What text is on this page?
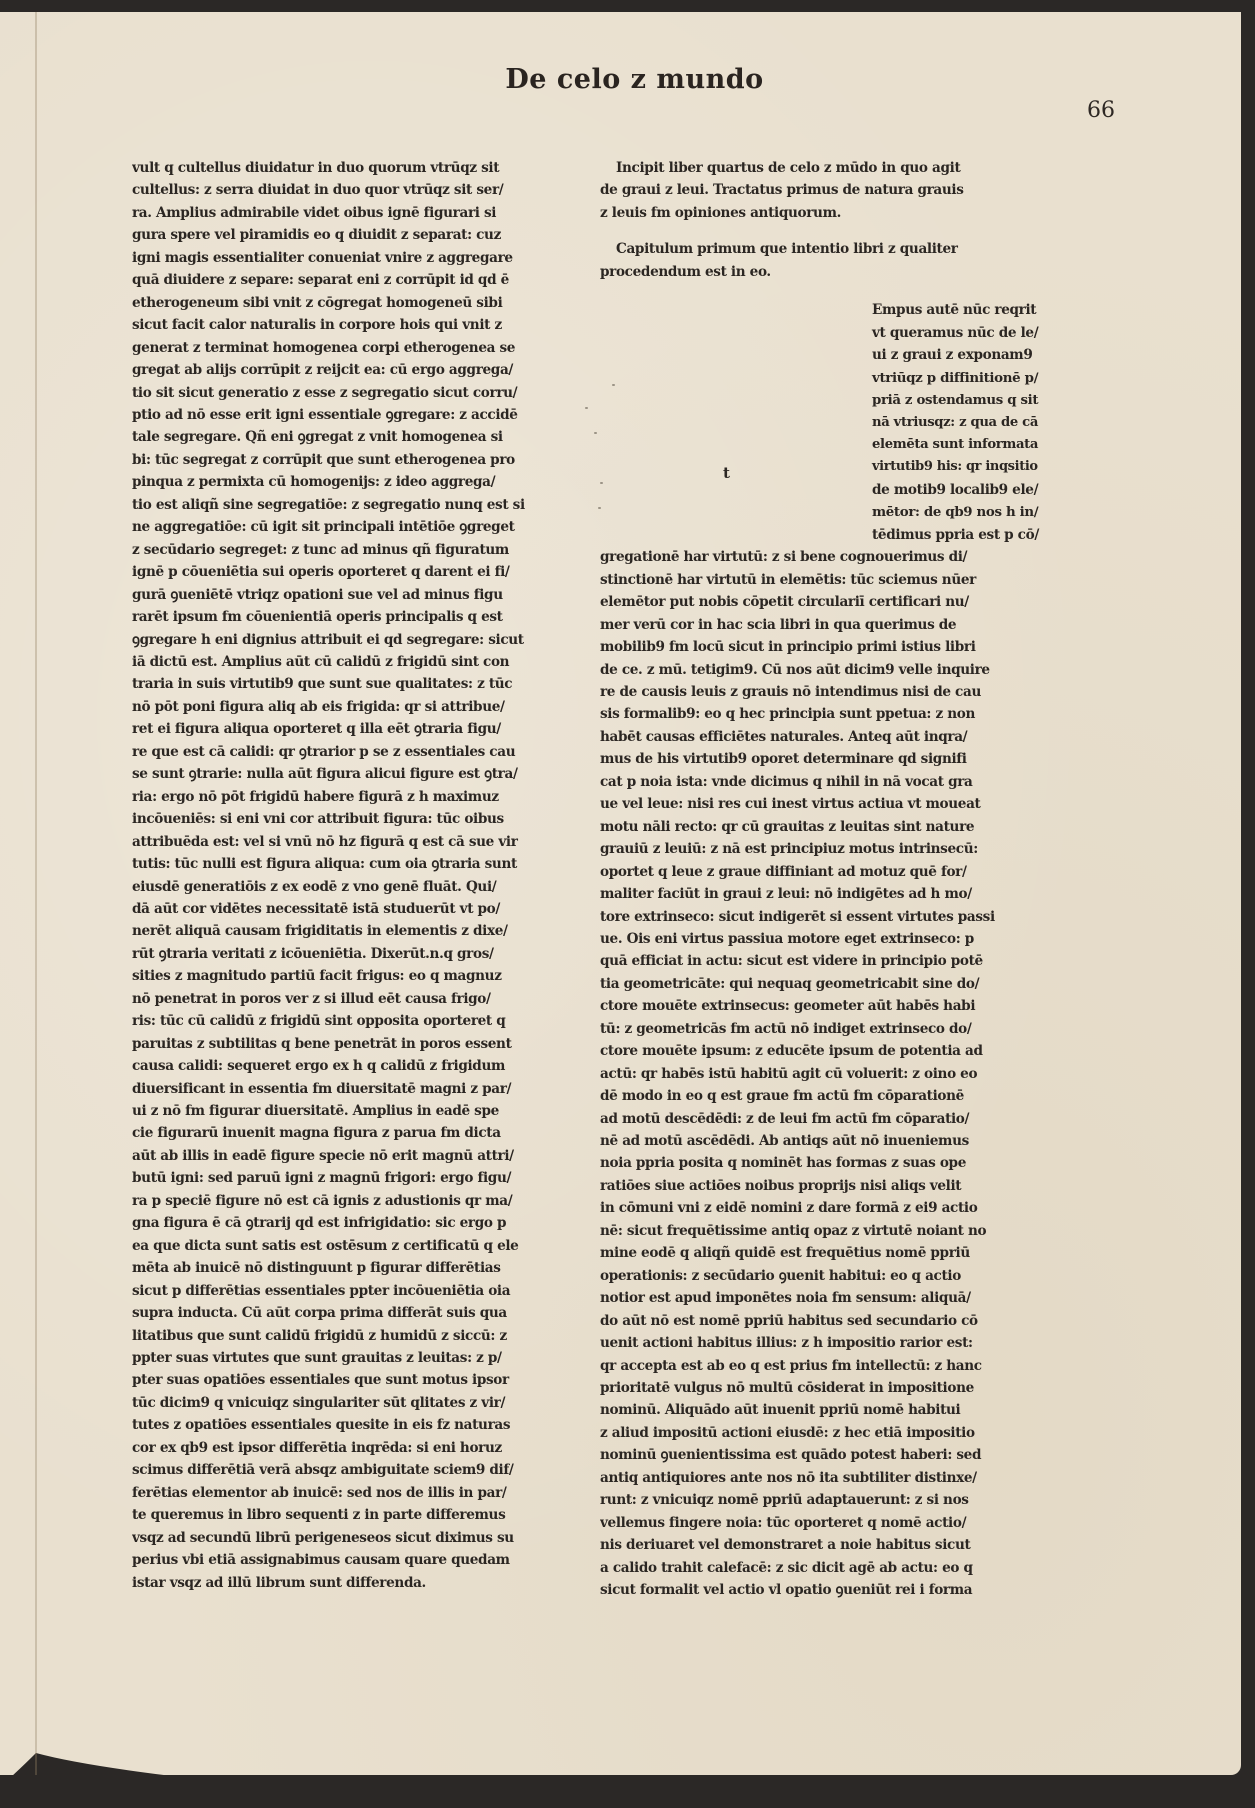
De celo z mundo
66
vult q cultellus diuidatur in duo quorum vtrūqz sit
cultellus: z serra diuidat in duo quor vtrūqz sit ser/
ra. Amplius admirabile videt oibus ignē figurari si
gura spere vel piramidis eo q diuidit z separat: cuz
igni magis essentialiter conueniat vnire z aggregare
quā diuidere z separe: separat eni z corrūpit id qd ē
etherogeneum sibi vnit z cōgregat homogeneū sibi
sicut facit calor naturalis in corpore hois qui vnit z
generat z terminat homogenea corpi etherogenea se
gregat ab alijs corrūpit z reijcit ea: cū ergo aggrega/
tio sit sicut generatio z esse z segregatio sicut corru/
ptio ad nō esse erit igni essentiale ꝯgregare: z accidē
tale segregare. Qñ eni ꝯgregat z vnit homogenea si
bi: tūc segregat z corrūpit que sunt etherogenea pro
pinqua z permixta cū homogenijs: z ideo aggrega/
tio est aliqñ sine segregatiōe: z segregatio nunq est si
ne aggregatiōe: cū igit sit principali intētiōe ꝯgreget
z secūdario segreget: z tunc ad minus qñ figuratum
ignē p cōueniētia sui operis oporteret q darent ei fi/
gurā ꝯueniētē vtriqz opationi sue vel ad minus figu
rarēt ipsum fm cōuenientiā operis principalis q est
ꝯgregare h eni dignius attribuit ei qd segregare: sicut
iā dictū est. Amplius aūt cū calidū z frigidū sint con
traria in suis virtutib9 que sunt sue qualitates: z tūc
nō pōt poni figura aliq ab eis frigida: qr si attribue/
ret ei figura aliqua oporteret q illa eēt ꝯtraria figu/
re que est cā calidi: qr ꝯtrarior p se z essentiales cau
se sunt ꝯtrarie: nulla aūt figura alicui figure est ꝯtra/
ria: ergo nō pōt frigidū habere figurā z h maximuz
incōueniēs: si eni vni cor attribuit figura: tūc oibus
attribuēda est: vel si vnū nō hz figurā q est cā sue vir
tutis: tūc nulli est figura aliqua: cum oia ꝯtraria sunt
eiusdē generatiōis z ex eodē z vno genē fluāt. Qui/
dā aūt cor vidētes necessitatē istā studuerūt vt po/
nerēt aliquā causam frigiditatis in elementis z dixe/
rūt ꝯtraria veritati z icōueniētia. Dixerūt.n.q gros/
sities z magnitudo partiū facit frigus: eo q magnuz
nō penetrat in poros ver z si illud eēt causa frigo/
ris: tūc cū calidū z frigidū sint opposita oporteret q
paruitas z subtilitas q bene penetrāt in poros essent
causa calidi: sequeret ergo ex h q calidū z frigidum
diuersificant in essentia fm diuersitatē magni z par/
ui z nō fm figurar diuersitatē. Amplius in eadē spe
cie figurarū inuenit magna figura z parua fm dicta
aūt ab illis in eadē figure specie nō erit magnū attri/
butū igni: sed paruū igni z magnū frigori: ergo figu/
ra p speciē figure nō est cā ignis z adustionis qr ma/
gna figura ē cā ꝯtrarij qd est infrigidatio: sic ergo p
ea que dicta sunt satis est ostēsum z certificatū q ele
mēta ab inuicē nō distinguunt p figurar differētias
sicut p differētias essentiales ppter incōueniētia oia
supra inducta. Cū aūt corpa prima differāt suis qua
litatibus que sunt calidū frigidū z humidū z siccū: z
ppter suas virtutes que sunt grauitas z leuitas: z p/
pter suas opatiōes essentiales que sunt motus ipsor
tūc dicim9 q vnicuiqz singulariter sūt qlitates z vir/
tutes z opatiōes essentiales quesite in eis fz naturas
cor ex qb9 est ipsor differētia inqrēda: si eni horuz
scimus differētiā verā absqz ambiguitate sciem9 dif/
ferētias elementor ab inuicē: sed nos de illis in par/
te queremus in libro sequenti z in parte differemus
vsqz ad secundū librū perigeneseos sicut diximus su
perius vbi etiā assignabimus causam quare quedam
istar vsqz ad illū librum sunt differenda.
Incipit liber quartus de celo z mūdo in quo agit
de graui z leui. Tractatus primus de natura grauis
z leuis fm opiniones antiquorum.
Capitulum primum que intentio libri z qualiter
procedendum est in eo.
Empus autē nūc reqrit
vt queramus nūc de le/
ui z graui z exponam9
vtriūqz p diffinitionē p/
priā z ostendamus q sit
nā vtriusqz: z qua de cā
elemēta sunt informata
virtutib9 his: qr inqsitio
de motib9 localib9 ele/
mētor: de qb9 nos h in/
tēdimus ppria est p cō/
gregationē har virtutū: z si bene cognouerimus di/
stinctionē har virtutū in elemētis: tūc sciemus nūer
elemētor put nobis cōpetit circulariī certificari nu/
mer verū cor in hac scia libri in qua querimus de
mobilib9 fm locū sicut in principio primi istius libri
de ce. z mū. tetigim9. Cū nos aūt dicim9 velle inquire
re de causis leuis z grauis nō intendimus nisi de cau
sis formalib9: eo q hec principia sunt ppetua: z non
habēt causas efficiētes naturales. Anteq aūt inqra/
mus de his virtutib9 oporet determinare qd signifi
cat p noia ista: vnde dicimus q nihil in nā vocat gra
ue vel leue: nisi res cui inest virtus actiua vt moueat
motu nāli recto: qr cū grauitas z leuitas sint nature
grauiū z leuiū: z nā est principiuz motus intrinsecū:
oportet q leue z graue diffiniant ad motuz quē for/
maliter faciūt in graui z leui: nō indigētes ad h mo/
tore extrinseco: sicut indigerēt si essent virtutes passi
ue. Ois eni virtus passiua motore eget extrinseco: p
quā efficiat in actu: sicut est videre in principio potē
tia geometricāte: qui nequaq geometricabit sine do/
ctore mouēte extrinsecus: geometer aūt habēs habi
tū: z geometricās fm actū nō indiget extrinseco do/
ctore mouēte ipsum: z educēte ipsum de potentia ad
actū: qr habēs istū habitū agit cū voluerit: z oino eo
dē modo in eo q est graue fm actū fm cōparationē
ad motū descēdēdi: z de leui fm actū fm cōparatio/
nē ad motū ascēdēdi. Ab antiqs aūt nō inueniemus
noia ppria posita q nominēt has formas z suas ope
ratiōes siue actiōes noibus proprijs nisi aliqs velit
in cōmuni vni z eidē nomini z dare formā z ei9 actio
nē: sicut frequētissime antiq opaz z virtutē noiant no
mine eodē q aliqñ quidē est frequētius nomē ppriū
operationis: z secūdario ꝯuenit habitui: eo q actio
notior est apud imponētes noia fm sensum: aliquā/
do aūt nō est nomē ppriū habitus sed secundario cō
uenit actioni habitus illius: z h impositio rarior est:
qr accepta est ab eo q est prius fm intellectū: z hanc
prioritatē vulgus nō multū cōsiderat in impositione
nominū. Aliquādo aūt inuenit ppriū nomē habitui
z aliud impositū actioni eiusdē: z hec etiā impositio
nominū ꝯuenientissima est quādo potest haberi: sed
antiq antiquiores ante nos nō ita subtiliter distinxe/
runt: z vnicuiqz nomē ppriū adaptauerunt: z si nos
vellemus fingere noia: tūc oporteret q nomē actio/
nis deriuaret vel demonstraret a noie habitus sicut
a calido trahit calefacē: z sic dicit agē ab actu: eo q
sicut formalit vel actio vl opatio ꝯueniūt rei i forma
t
